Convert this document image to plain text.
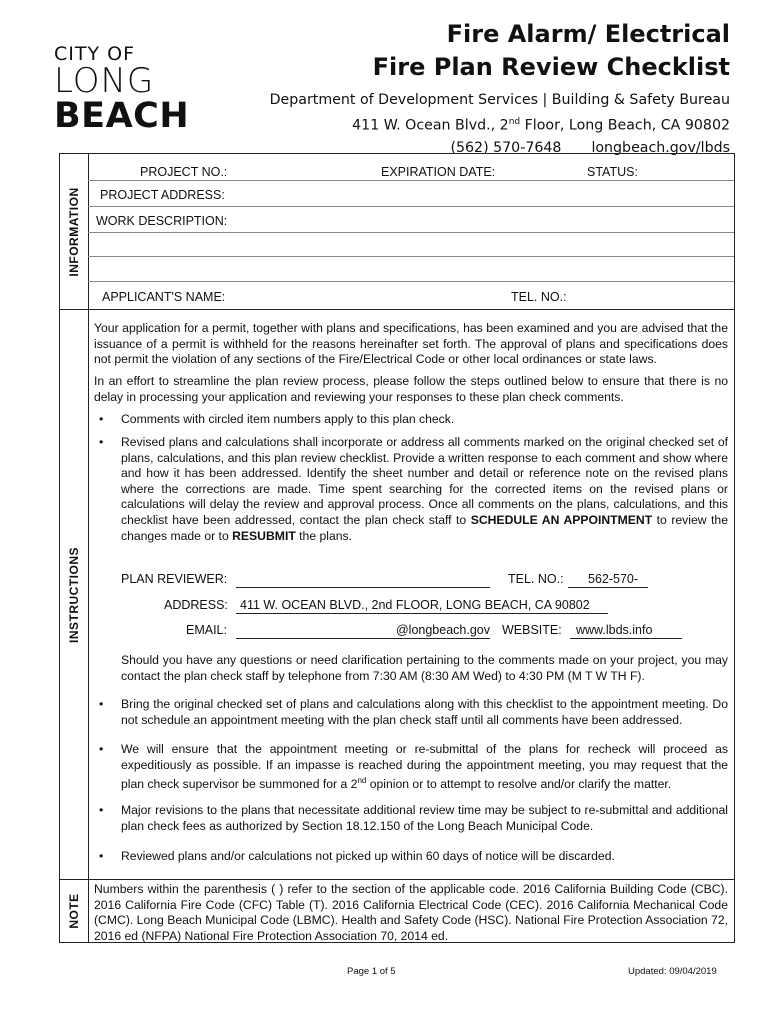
CITY OF
LONG
BEACH
Fire Alarm/ Electrical
Fire Plan Review Checklist
Department of Development Services | Building & Safety Bureau
411 W. Ocean Blvd., 2nd Floor, Long Beach, CA 90802
(562) 570-7648 longbeach.gov/lbds
INFORMATION
PROJECT NO.:	EXPIRATION DATE:	STATUS:
PROJECT ADDRESS:
WORK DESCRIPTION:
APPLICANT'S NAME:	TEL. NO.:
INSTRUCTIONS
Your application for a permit, together with plans and specifications, has been examined and you are advised that the issuance of a permit is withheld for the reasons hereinafter set forth. The approval of plans and specifications does not permit the violation of any sections of the Fire/Electrical Code or other local ordinances or state laws.
In an effort to streamline the plan review process, please follow the steps outlined below to ensure that there is no delay in processing your application and reviewing your responses to these plan check comments.
• Comments with circled item numbers apply to this plan check.
• Revised plans and calculations shall incorporate or address all comments marked on the original checked set of plans, calculations, and this plan review checklist. Provide a written response to each comment and show where and how it has been addressed. Identify the sheet number and detail or reference note on the revised plans where the corrections are made. Time spent searching for the corrected items on the revised plans or calculations will delay the review and approval process. Once all comments on the plans, calculations, and this checklist have been addressed, contact the plan check staff to SCHEDULE AN APPOINTMENT to review the changes made or to RESUBMIT the plans.
PLAN REVIEWER:	TEL. NO.:	562-570-
ADDRESS: 411 W. OCEAN BLVD., 2nd FLOOR, LONG BEACH, CA 90802
EMAIL:	@longbeach.gov WEBSITE:	www.lbds.info
Should you have any questions or need clarification pertaining to the comments made on your project, you may contact the plan check staff by telephone from 7:30 AM (8:30 AM Wed) to 4:30 PM (M T W TH F).
• Bring the original checked set of plans and calculations along with this checklist to the appointment meeting. Do not schedule an appointment meeting with the plan check staff until all comments have been addressed.
• We will ensure that the appointment meeting or re-submittal of the plans for recheck will proceed as expeditiously as possible. If an impasse is reached during the appointment meeting, you may request that the plan check supervisor be summoned for a 2nd opinion or to attempt to resolve and/or clarify the matter.
• Major revisions to the plans that necessitate additional review time may be subject to re-submittal and additional plan check fees as authorized by Section 18.12.150 of the Long Beach Municipal Code.
• Reviewed plans and/or calculations not picked up within 60 days of notice will be discarded.
NOTE
Numbers within the parenthesis ( ) refer to the section of the applicable code. 2016 California Building Code (CBC). 2016 California Fire Code (CFC) Table (T). 2016 California Electrical Code (CEC). 2016 California Mechanical Code (CMC). Long Beach Municipal Code (LBMC). Health and Safety Code (HSC). National Fire Protection Association 72, 2016 ed (NFPA) National Fire Protection Association 70, 2014 ed.
Page 1 of 5	Updated: 09/04/2019
